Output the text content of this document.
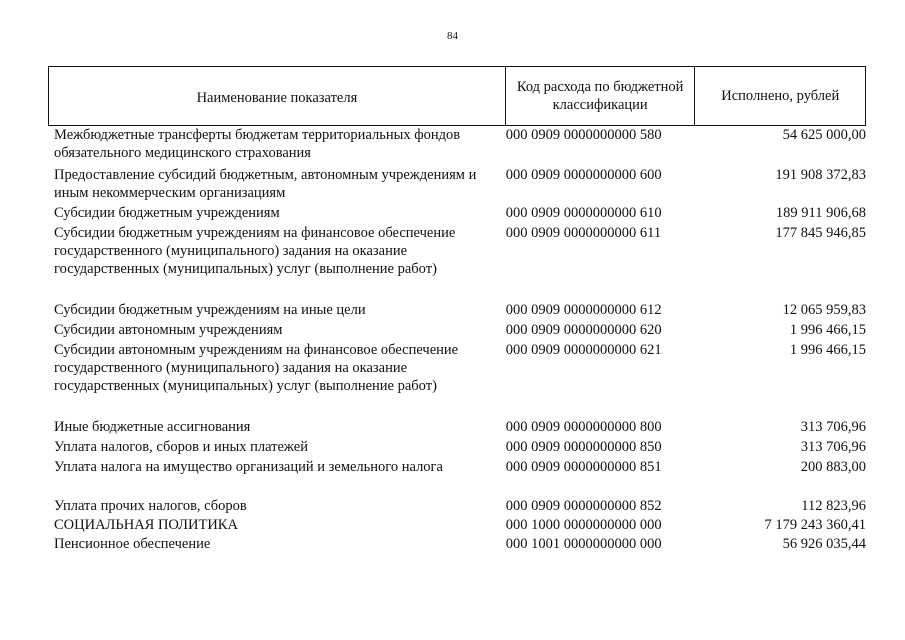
84
Наименование показателя
Код расхода по бюджетной классификации
Исполнено, рублей
Межбюджетные трансферты бюджетам территориальных фондов обязательного медицинского страхования
000 0909 0000000000 580	54 625 000,00
Предоставление субсидий бюджетным, автономным учреждениям и иным некоммерческим организациям
000 0909 0000000000 600	191 908 372,83
Субсидии бюджетным учреждениям	000 0909 0000000000 610	189 911 906,68
Субсидии бюджетным учреждениям на финансовое обеспечение государственного (муниципального) задания на оказание государственных (муниципальных) услуг (выполнение работ)
000 0909 0000000000 611	177 845 946,85
Субсидии бюджетным учреждениям на иные цели	000 0909 0000000000 612	12 065 959,83
Субсидии автономным учреждениям	000 0909 0000000000 620	1 996 466,15
Субсидии автономным учреждениям на финансовое обеспечение государственного (муниципального) задания на оказание государственных (муниципальных) услуг (выполнение работ)
000 0909 0000000000 621	1 996 466,15
Иные бюджетные ассигнования	000 0909 0000000000 800	313 706,96
Уплата налогов, сборов и иных платежей	000 0909 0000000000 850	313 706,96
Уплата налога на имущество организаций и земельного налога	000 0909 0000000000 851	200 883,00
Уплата прочих налогов, сборов	000 0909 0000000000 852	112 823,96
СОЦИАЛЬНАЯ ПОЛИТИКА	000 1000 0000000000 000	7 179 243 360,41
Пенсионное обеспечение	000 1001 0000000000 000	56 926 035,44
